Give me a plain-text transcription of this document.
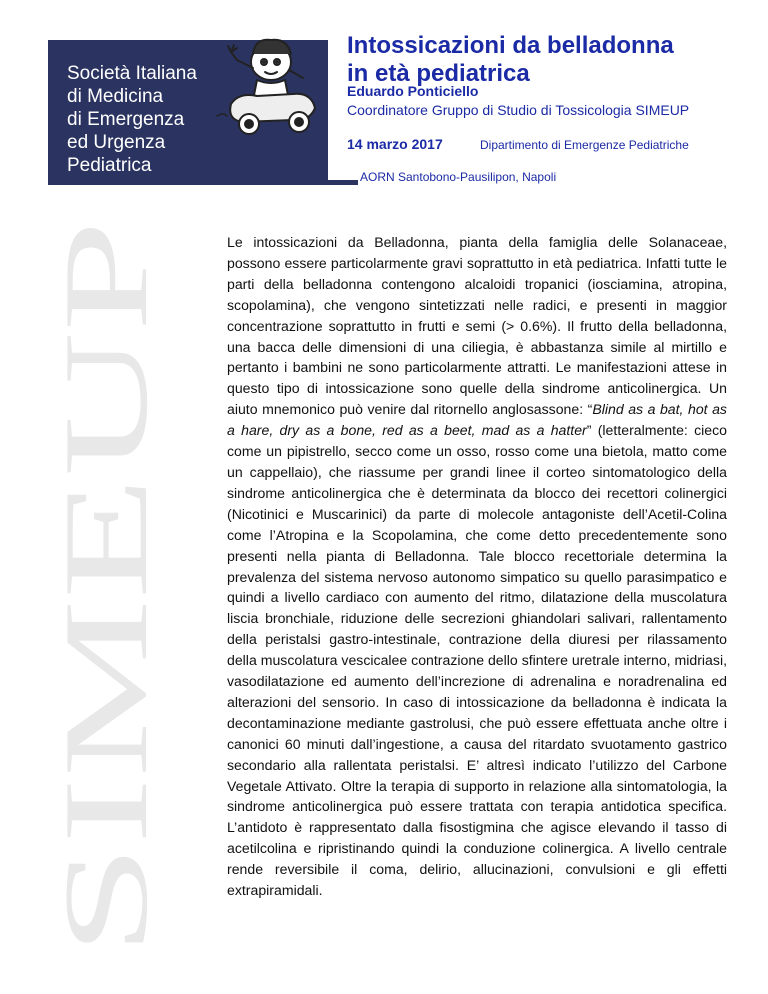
Società Italiana
di Medicina
di Emergenza
ed Urgenza
Pediatrica
Intossicazioni da belladonna
in età pediatrica
Eduardo Ponticiello
Coordinatore Gruppo di Studio di Tossicologia SIMEUP
14 marzo 2017	Dipartimento di Emergenze Pediatriche
AORN Santobono-Pausilipon, Napoli
SIMEUP
Le intossicazioni da Belladonna, pianta della famiglia delle Solanaceae, possono essere particolarmente gravi soprattutto in età pediatrica. Infatti tutte le parti della belladonna contengono alcaloidi tropanici (iosciamina, atropina, scopolamina), che vengono sintetizzati nelle radici, e presenti in maggior concentrazione soprattutto in frutti e semi (> 0.6%). Il frutto della belladonna, una bacca delle dimensioni di una ciliegia, è abbastanza simile al mirtillo e pertanto i bambini ne sono particolarmente attratti. Le manifestazioni attese in questo tipo di intossicazione sono quelle della sindrome anticolinergica. Un aiuto mnemonico può venire dal ritornello anglosassone: “Blind as a bat, hot as a hare, dry as a bone, red as a beet, mad as a hatter” (letteralmente: cieco come un pipistrello, secco come un osso, rosso come una bietola, matto come un cappellaio), che riassume per grandi linee il corteo sintomatologico della sindrome anticolinergica che è determinata da blocco dei recettori colinergici (Nicotinici e Muscarinici) da parte di molecole antagoniste dell’Acetil-Colina come l’Atropina e la Scopolamina, che come detto precedentemente sono presenti nella pianta di Belladonna. Tale blocco recettoriale determina la prevalenza del sistema nervoso autonomo simpatico su quello parasimpatico e quindi a livello cardiaco con aumento del ritmo, dilatazione della muscolatura liscia bronchiale, riduzione delle secrezioni ghiandolari salivari, rallentamento della peristalsi gastro-intestinale, contrazione della diuresi per rilassamento della muscolatura vescicalee contrazione dello sfintere uretrale interno, midriasi, vasodilatazione ed aumento dell’increzione di adrenalina e noradrenalina ed alterazioni del sensorio. In caso di intossicazione da belladonna è indicata la decontaminazione mediante gastrolusi, che può essere effettuata anche oltre i canonici 60 minuti dall’ingestione, a causa del ritardato svuotamento gastrico secondario alla rallentata peristalsi. E’ altresì indicato l’utilizzo del Carbone Vegetale Attivato. Oltre la terapia di supporto in relazione alla sintomatologia, la sindrome anticolinergica può essere trattata con terapia antidotica specifica. L’antidoto è rappresentato dalla fisostigmina che agisce elevando il tasso di acetilcolina e ripristinando quindi la conduzione colinergica. A livello centrale rende reversibile il coma, delirio, allucinazioni, convulsioni e gli effetti extrapiramidali.
